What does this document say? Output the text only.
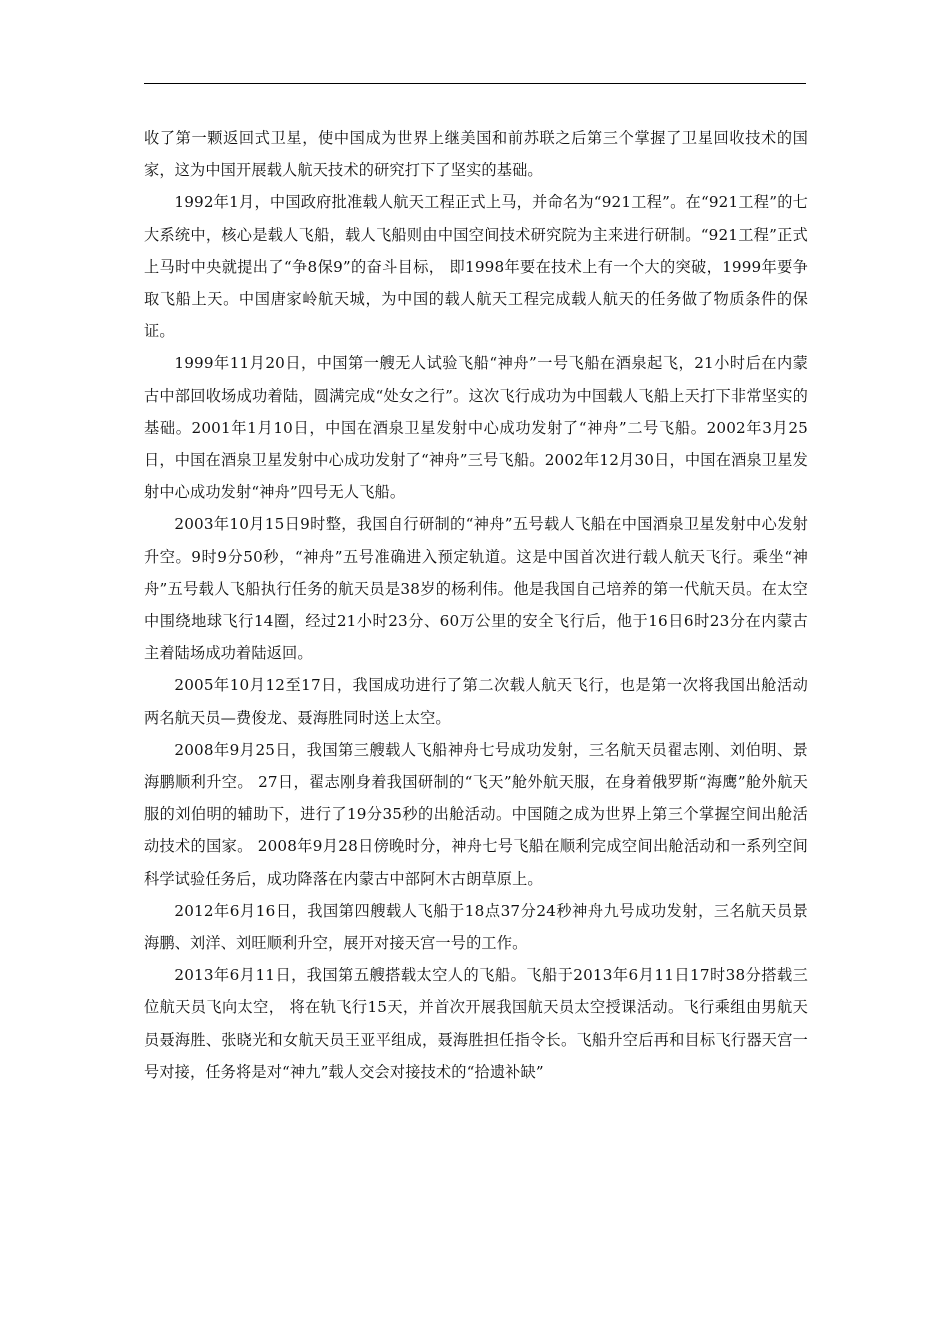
收了第一颗返回式卫星，使中国成为世界上继美国和前苏联之后第三个掌握了卫星回收技术的国家，这为中国开展载人航天技术的研究打下了坚实的基础。

1992年1月，中国政府批准载人航天工程正式上马，并命名为“921工程”。在“921工程”的七大系统中，核心是载人飞船，载人飞船则由中国空间技术研究院为主来进行研制。“921工程”正式上马时中央就提出了“争8保9”的奋斗目标， 即1998年要在技术上有一个大的突破，1999年要争取飞船上天。中国唐家岭航天城，为中国的载人航天工程完成载人航天的任务做了物质条件的保证。

1999年11月20日，中国第一艘无人试验飞船“神舟”一号飞船在酒泉起飞，21小时后在内蒙古中部回收场成功着陆，圆满完成“处女之行”。这次飞行成功为中国载人飞船上天打下非常坚实的基础。2001年1月10日，中国在酒泉卫星发射中心成功发射了“神舟”二号飞船。2002年3月25日，中国在酒泉卫星发射中心成功发射了“神舟”三号飞船。2002年12月30日，中国在酒泉卫星发射中心成功发射“神舟”四号无人飞船。

2003年10月15日9时整，我国自行研制的“神舟”五号载人飞船在中国酒泉卫星发射中心发射升空。9时9分50秒，“神舟”五号准确进入预定轨道。这是中国首次进行载人航天飞行。乘坐“神舟”五号载人飞船执行任务的航天员是38岁的杨利伟。他是我国自己培养的第一代航天员。在太空中围绕地球飞行14圈，经过21小时23分、60万公里的安全飞行后，他于16日6时23分在内蒙古主着陆场成功着陆返回。

2005年10月12至17日，我国成功进行了第二次载人航天飞行，也是第一次将我国出舱活动两名航天员—费俊龙、聂海胜同时送上太空。

2008年9月25日，我国第三艘载人飞船神舟七号成功发射，三名航天员翟志刚、刘伯明、景海鹏顺利升空。 27日，翟志刚身着我国研制的“飞天”舱外航天服，在身着俄罗斯“海鹰”舱外航天服的刘伯明的辅助下，进行了19分35秒的出舱活动。中国随之成为世界上第三个掌握空间出舱活动技术的国家。 2008年9月28日傍晚时分，神舟七号飞船在顺利完成空间出舱活动和一系列空间科学试验任务后，成功降落在内蒙古中部阿木古朗草原上。

2012年6月16日，我国第四艘载人飞船于18点37分24秒神舟九号成功发射，三名航天员景海鹏、刘洋、刘旺顺利升空，展开对接天宫一号的工作。

2013年6月11日，我国第五艘搭载太空人的飞船。飞船于2013年6月11日17时38分搭载三位航天员飞向太空， 将在轨飞行15天，并首次开展我国航天员太空授课活动。飞行乘组由男航天员聂海胜、张晓光和女航天员王亚平组成，聂海胜担任指令长。飞船升空后再和目标飞行器天宫一号对接，任务将是对“神九”载人交会对接技术的“拾遗补缺”
